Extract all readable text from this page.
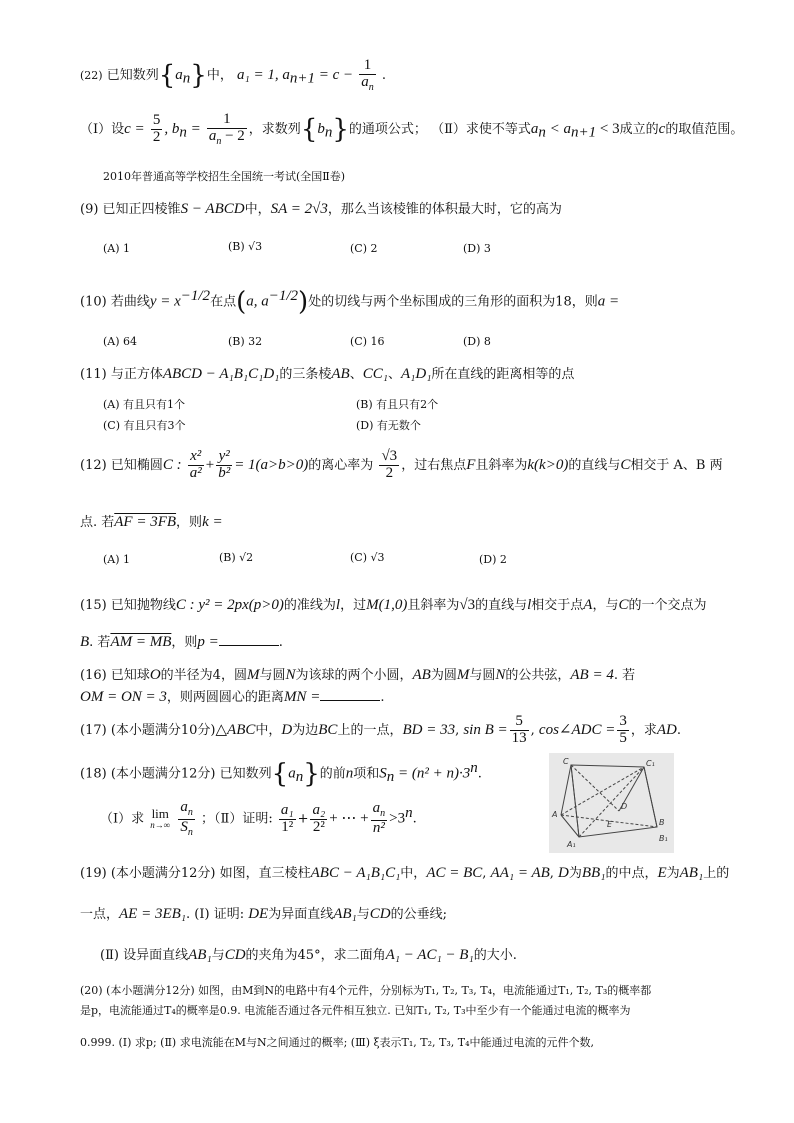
(22) 已知数列$\{a_n\}$中， a₁ = 1, $a_{n+1} = c - \frac{1}{a_n}$ .
（Ⅰ）设$c = \frac{5}{2}$ , $b_n = \frac{1}{a_n - 2}$ ，求数列$\{b_n\}$的通项公式； （Ⅱ）求使不等式$a_n < a_{n+1} < 3$成立的c的取值范围。
2010年普通高等学校招生全国统一考试(全国Ⅱ卷)
(9) 已知正四棱锥S − ABCD中，SA = 2√3，那么当该棱锥的体积最大时，它的高为
(A) 1	(B) √3	(C) 2	(D) 3
(10) 若曲线$y = x^{-1/2}$在点(a, $a^{-1/2}$)处的切线与两个坐标围成的三角形的面积为18，则a =
(A) 64	(B) 32	(C) 16	(D) 8
(11) 与正方体ABCD − A₁B₁C₁D₁的三条棱AB、CC₁、A₁D₁所在直线的距离相等的点
(A) 有且只有1个	(B) 有且只有2个
(C) 有且只有3个	(D) 有无数个
(12) 已知椭圆C : $\frac{\text{x²}}{\text{a²}} + \frac{\text{y²}}{\text{b²}} = 1(a>b>0)$的离心率为 $\frac{√3}{2}$ ，过右焦点F且斜率为k(k>0)的直线与C相交于 A、B 两
点. 若AF = 3FB，则k =
(A) 1	(B) √2	(C) √3	(D) 2
(15) 已知抛物线C : y² = 2px(p>0)的准线为l，过M(1,0)且斜率为√3的直线与l相交于点A，与C的一个交点为
B. 若AM = MB，则p =	.
(16) 已知球O的半径为4，圆M与圆N为该球的两个小圆，AB为圆M与圆N的公共弦，AB = 4. 若
OM = ON = 3，则两圆圆心的距离MN =	.
(17) (本小题满分10分)△ABC中，D为边BC上的一点，BD = 33, $\sin B = \frac{5}{13}$ , cos∠ADC = $\frac{3}{5}$ ，求AD.
(18) (本小题满分12分) 已知数列$\{a_n\}$的前n项和$S_n = (n^2 + n)\cdot 3^n$.
（Ⅰ）求 lim
n→∞
$\frac{a_n}{S_n}$ ；（Ⅱ）证明: $\frac{\text{a₁}}{\text{1²}} + \frac{\text{a₂}}{\text{2²}}$ + ⋯ + $\frac{a_n}{\text{n²}} >3^n$.
C	C₁
D
B
A
B₁
A₁
E
(19) (本小题满分12分) 如图，直三棱柱ABC − A₁B₁C₁中，AC = BC, AA₁ = AB, D为BB₁的中点，E为AB₁上的
一点，AE = 3EB₁. (Ⅰ) 证明: DE为异面直线AB₁与CD的公垂线;
(Ⅱ) 设异面直线AB₁与CD的夹角为45°，求二面角A₁ − AC₁ − B₁的大小.
(20) (本小题满分12分) 如图，由M到N的电路中有4个元件，分别标为T₁, T₂, T₃, T₄，电流能通过T₁, T₂, T₃的概率都
是p，电流能通过T₄的概率是0.9. 电流能否通过各元件相互独立. 已知T₁, T₂, T₃中至少有一个能通过电流的概率为
0.999. (Ⅰ) 求p; (Ⅱ) 求电流能在M与N之间通过的概率; (Ⅲ) ξ表示T₁, T₂, T₃, T₄中能通过电流的元件个数,
